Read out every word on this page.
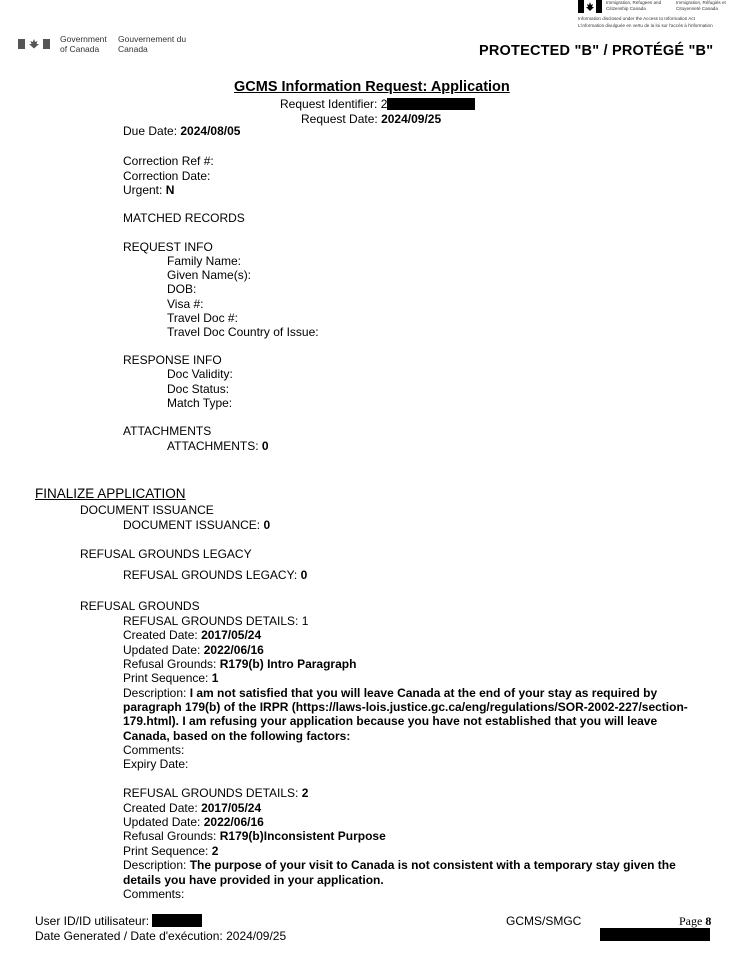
Immigration, Refugees and Citizenship Canada
Immigration, Réfugiés et Citoyenneté Canada
Information disclosed under the Access to Information Act
L'information divulguée en vertu de la loi sur l'accès à l'information
Government of Canada
Gouvernement du Canada	PROTECTED "B" / PROTÉGÉ "B"
GCMS Information Request: Application
Request Identifier: 2
Request Date: 2024/09/25
Due Date: 2024/08/05
Correction Ref #:
Correction Date:
Urgent: N
MATCHED RECORDS
REQUEST INFO
Family Name:
Given Name(s):
DOB:
Visa #:
Travel Doc #:
Travel Doc Country of Issue:
RESPONSE INFO
Doc Validity:
Doc Status:
Match Type:
ATTACHMENTS
ATTACHMENTS: 0
FINALIZE APPLICATION
DOCUMENT ISSUANCE
DOCUMENT ISSUANCE: 0
REFUSAL GROUNDS LEGACY
REFUSAL GROUNDS LEGACY: 0
REFUSAL GROUNDS
REFUSAL GROUNDS DETAILS: 1
Created Date: 2017/05/24
Updated Date: 2022/06/16
Refusal Grounds: R179(b) Intro Paragraph
Print Sequence: 1
Description: I am not satisfied that you will leave Canada at the end of your stay as required by
paragraph 179(b) of the IRPR (https://laws-lois.justice.gc.ca/eng/regulations/SOR-2002-227/section-
179.html). I am refusing your application because you have not established that you will leave
Canada, based on the following factors:
Comments:
Expiry Date:
REFUSAL GROUNDS DETAILS: 2
Created Date: 2017/05/24
Updated Date: 2022/06/16
Refusal Grounds: R179(b)Inconsistent Purpose
Print Sequence: 2
Description: The purpose of your visit to Canada is not consistent with a temporary stay given the
details you have provided in your application.
Comments:
User ID/ID utilisateur:
Date Generated / Date d'exécution: 2024/09/25
GCMS/SMGC	Page 8
